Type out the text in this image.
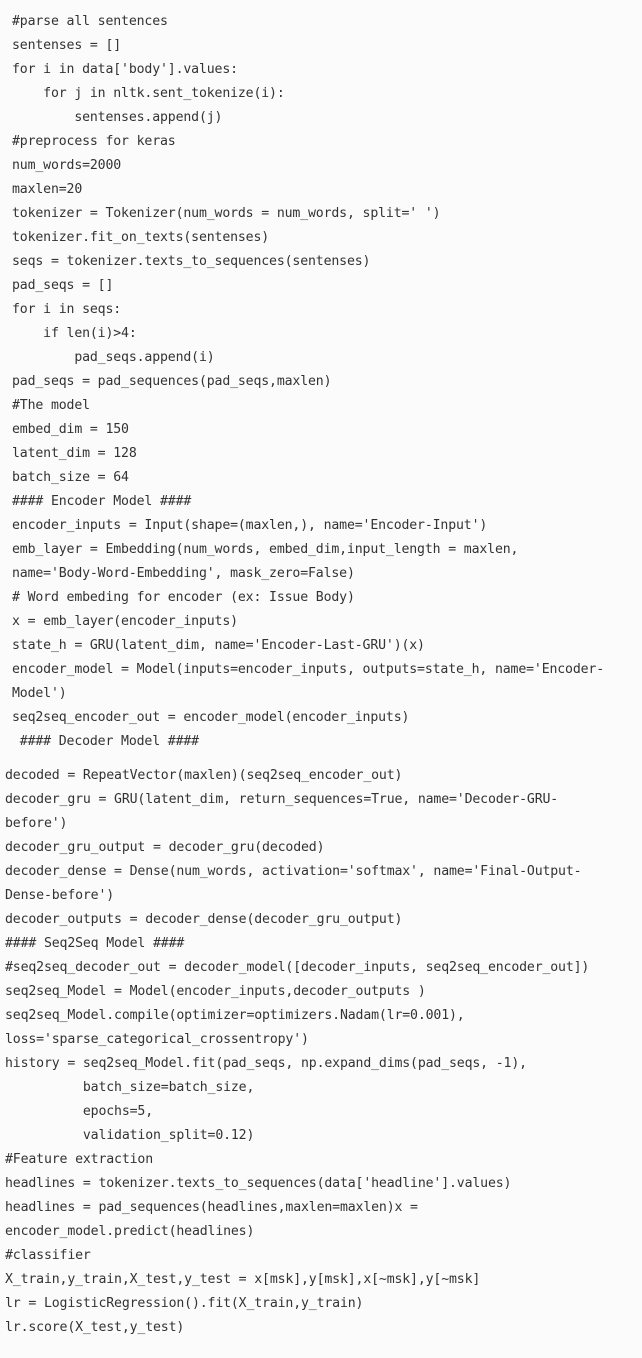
#parse all sentences
sentenses = []
for i in data['body'].values:
for j in nltk.sent_tokenize(i):
sentenses.append(j)
#preprocess for keras
num_words=2000
maxlen=20
tokenizer = Tokenizer(num_words = num_words, split=' ')
tokenizer.fit_on_texts(sentenses)
seqs = tokenizer.texts_to_sequences(sentenses)
pad_seqs = []
for i in seqs:
if len(i)>4:
pad_seqs.append(i)
pad_seqs = pad_sequences(pad_seqs,maxlen)
#The model
embed_dim = 150
latent_dim = 128
batch_size = 64
#### Encoder Model ####
encoder_inputs = Input(shape=(maxlen,), name='Encoder-Input')
emb_layer = Embedding(num_words, embed_dim,input_length = maxlen,
name='Body-Word-Embedding', mask_zero=False)
# Word embeding for encoder (ex: Issue Body)
x = emb_layer(encoder_inputs)
state_h = GRU(latent_dim, name='Encoder-Last-GRU')(x)
encoder_model = Model(inputs=encoder_inputs, outputs=state_h, name='Encoder-
Model')
seq2seq_encoder_out = encoder_model(encoder_inputs)
#### Decoder Model ####
decoded = RepeatVector(maxlen)(seq2seq_encoder_out)
decoder_gru = GRU(latent_dim, return_sequences=True, name='Decoder-GRU-
before')
decoder_gru_output = decoder_gru(decoded)
decoder_dense = Dense(num_words, activation='softmax', name='Final-Output-
Dense-before')
decoder_outputs = decoder_dense(decoder_gru_output)
#### Seq2Seq Model ####
#seq2seq_decoder_out = decoder_model([decoder_inputs, seq2seq_encoder_out])
seq2seq_Model = Model(encoder_inputs,decoder_outputs )
seq2seq_Model.compile(optimizer=optimizers.Nadam(lr=0.001),
loss='sparse_categorical_crossentropy')
history = seq2seq_Model.fit(pad_seqs, np.expand_dims(pad_seqs, -1),
batch_size=batch_size,
epochs=5,
validation_split=0.12)
#Feature extraction
headlines = tokenizer.texts_to_sequences(data['headline'].values)
headlines = pad_sequences(headlines,maxlen=maxlen)x =
encoder_model.predict(headlines)
#classifier
X_train,y_train,X_test,y_test = x[msk],y[msk],x[~msk],y[~msk]
lr = LogisticRegression().fit(X_train,y_train)
lr.score(X_test,y_test)
